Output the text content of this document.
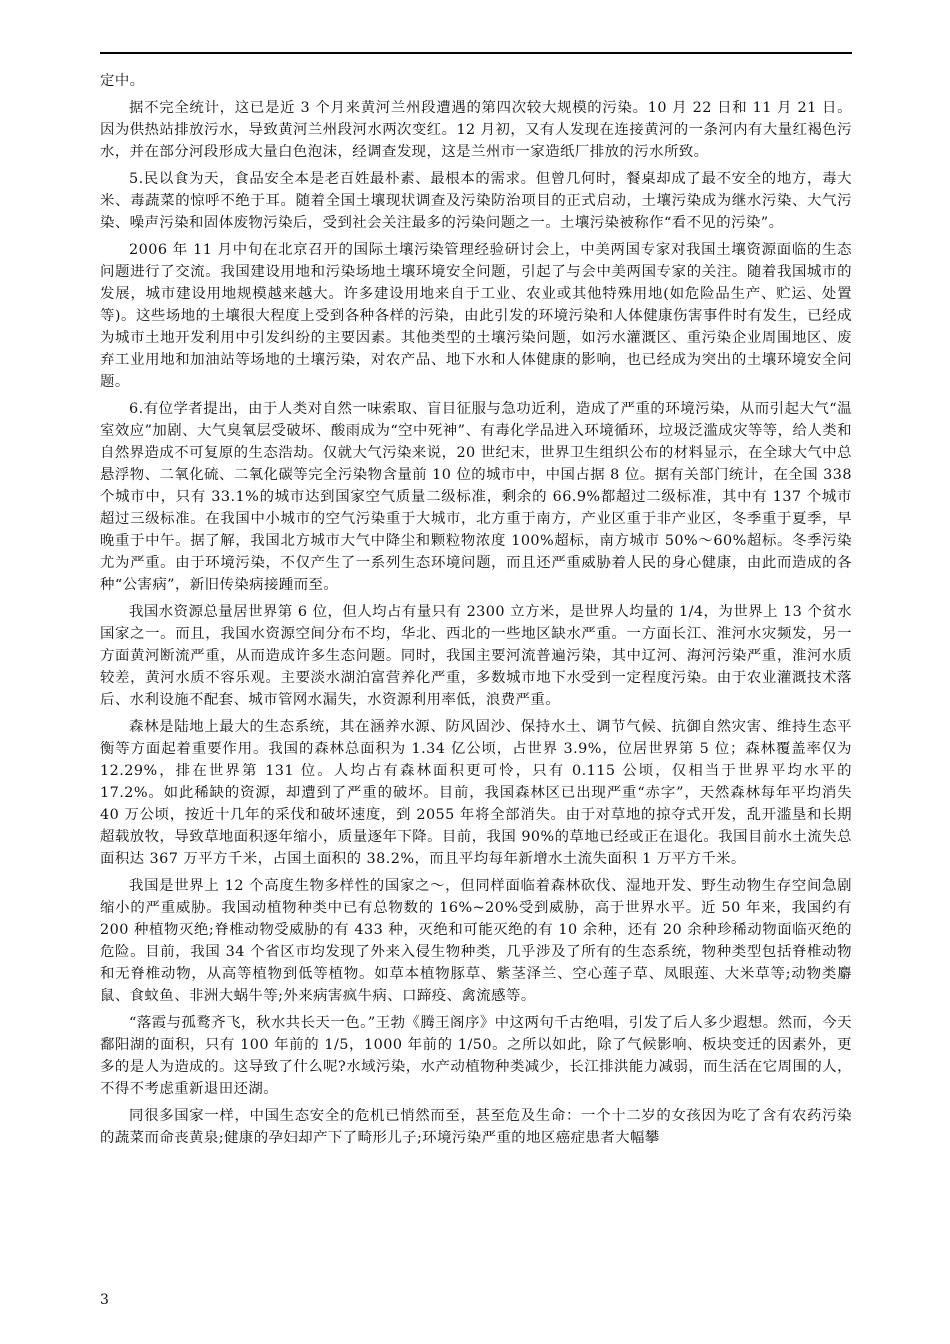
定中。

据不完全统计，这已是近 3 个月来黄河兰州段遭遇的第四次较大规模的污染。10 月 22 日和 11 月 21 日。因为供热站排放污水，导致黄河兰州段河水两次变红。12 月初，又有人发现在连接黄河的一条河内有大量红褐色污水，并在部分河段形成大量白色泡沫，经调查发现，这是兰州市一家造纸厂排放的污水所致。

5.民以食为天，食品安全本是老百姓最朴素、最根本的需求。但曾几何时，餐桌却成了最不安全的地方，毒大米、毒蔬菜的惊呼不绝于耳。随着全国土壤现状调查及污染防治项目的正式启动，土壤污染成为继水污染、大气污染、噪声污染和固体废物污染后，受到社会关注最多的污染问题之一。土壤污染被称作“看不见的污染”。

2006 年 11 月中旬在北京召开的国际土壤污染管理经验研讨会上，中美两国专家对我国土壤资源面临的生态问题进行了交流。我国建设用地和污染场地土壤环境安全问题，引起了与会中美两国专家的关注。随着我国城市的发展，城市建设用地规模越来越大。许多建设用地来自于工业、农业或其他特殊用地(如危险品生产、贮运、处置等)。这些场地的土壤很大程度上受到各种各样的污染，由此引发的环境污染和人体健康伤害事件时有发生，已经成为城市土地开发利用中引发纠纷的主要因素。其他类型的土壤污染问题，如污水灌溉区、重污染企业周围地区、废弃工业用地和加油站等场地的土壤污染，对农产品、地下水和人体健康的影响，也已经成为突出的土壤环境安全问题。

6.有位学者提出，由于人类对自然一味索取、盲目征服与急功近利，造成了严重的环境污染，从而引起大气“温室效应”加剧、大气臭氧层受破坏、酸雨成为“空中死神”、有毒化学品进入环境循环，垃圾泛滥成灾等等，给人类和自然界造成不可复原的生态浩劫。仅就大气污染来说，20 世纪末，世界卫生组织公布的材料显示，在全球大气中总悬浮物、二氧化硫、二氧化碳等完全污染物含量前 10 位的城市中，中国占据 8 位。据有关部门统计，在全国 338 个城市中，只有 33.1%的城市达到国家空气质量二级标准，剩余的 66.9%都超过二级标准，其中有 137 个城市超过三级标准。在我国中小城市的空气污染重于大城市，北方重于南方，产业区重于非产业区，冬季重于夏季，早晚重于中午。据了解，我国北方城市大气中降尘和颗粒物浓度 100%超标，南方城市 50%～60%超标。冬季污染尤为严重。由于环境污染，不仅产生了一系列生态环境问题，而且还严重威胁着人民的身心健康，由此而造成的各种“公害病”，新旧传染病接踵而至。

我国水资源总量居世界第 6 位，但人均占有量只有 2300 立方米，是世界人均量的 1/4，为世界上 13 个贫水国家之一。而且，我国水资源空间分布不均，华北、西北的一些地区缺水严重。一方面长江、淮河水灾频发，另一方面黄河断流严重，从而造成许多生态问题。同时，我国主要河流普遍污染，其中辽河、海河污染严重，淮河水质较差，黄河水质不容乐观。主要淡水湖泊富营养化严重，多数城市地下水受到一定程度污染。由于农业灌溉技术落后、水利设施不配套、城市管网水漏失，水资源利用率低，浪费严重。

森林是陆地上最大的生态系统，其在涵养水源、防风固沙、保持水土、调节气候、抗御自然灾害、维持生态平衡等方面起着重要作用。我国的森林总面积为 1.34 亿公顷，占世界 3.9%，位居世界第 5 位；森林覆盖率仅为 12.29%，排在世界第 131 位。人均占有森林面积更可怜，只有 0.115 公顷，仅相当于世界平均水平的 17.2%。如此稀缺的资源，却遭到了严重的破坏。目前，我国森林区已出现严重“赤字”，天然森林每年平均消失 40 万公顷，按近十几年的采伐和破坏速度，到 2055 年将全部消失。由于对草地的掠夺式开发，乱开滥垦和长期超载放牧，导致草地面积逐年缩小，质量逐年下降。目前，我国 90%的草地已经或正在退化。我国目前水土流失总面积达 367 万平方千米，占国土面积的 38.2%，而且平均每年新增水土流失面积 1 万平方千米。

我国是世界上 12 个高度生物多样性的国家之～，但同样面临着森林砍伐、湿地开发、野生动物生存空间急剧缩小的严重威胁。我国动植物种类中已有总物数的 16%~20%受到威胁，高于世界水平。近 50 年来，我国约有 200 种植物灭绝;脊椎动物受威胁的有 433 种，灭绝和可能灭绝的有 10 余种，还有 20 余种珍稀动物面临灭绝的危险。目前，我国 34 个省区市均发现了外来入侵生物种类，几乎涉及了所有的生态系统，物种类型包括脊椎动物和无脊椎动物，从高等植物到低等植物。如草本植物豚草、紫茎泽兰、空心莲子草、凤眼莲、大米草等;动物类麝鼠、食蚊鱼、非洲大蜗牛等;外来病害疯牛病、口蹄疫、禽流感等。

“落霞与孤鹜齐飞，秋水共长天一色。”王勃《腾王阁序》中这两句千古绝唱，引发了后人多少遐想。然而，今天鄱阳湖的面积，只有 100 年前的 1/5，1000 年前的 1/50。之所以如此，除了气候影响、板块变迁的因素外，更多的是人为造成的。这导致了什么呢?水域污染，水产动植物种类减少，长江排洪能力减弱，而生活在它周围的人，不得不考虑重新退田还湖。

同很多国家一样，中国生态安全的危机已悄然而至，甚至危及生命：一个十二岁的女孩因为吃了含有农药污染的蔬菜而命丧黄泉;健康的孕妇却产下了畸形儿子;环境污染严重的地区癌症患者大幅攀

3
